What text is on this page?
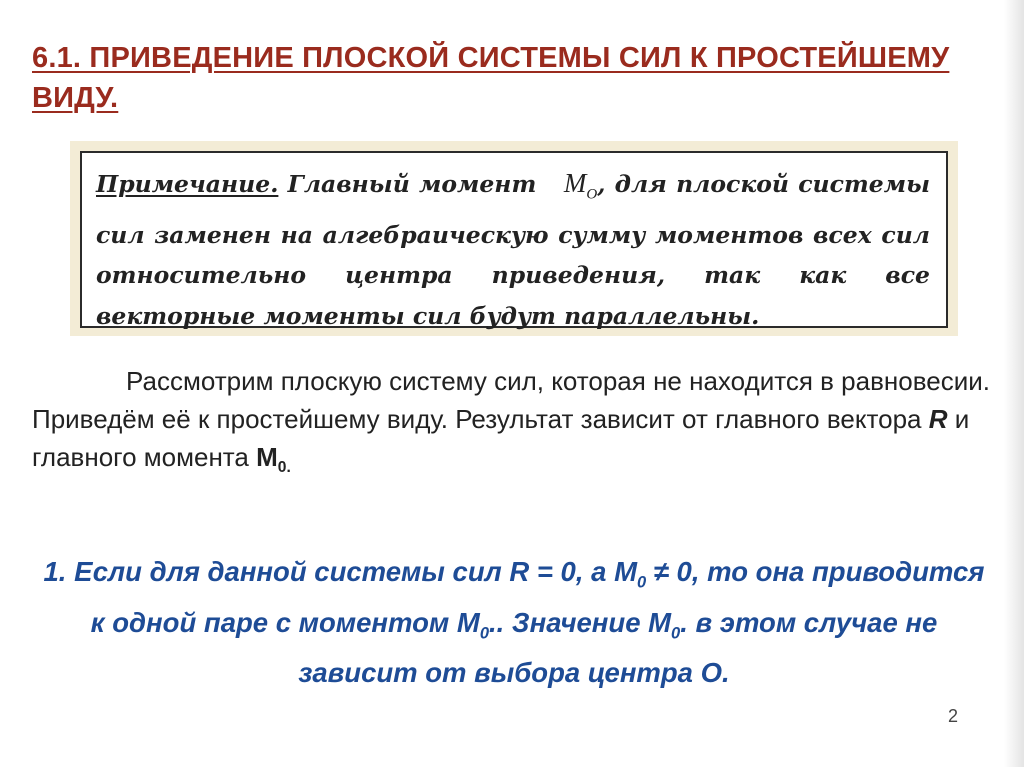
6.1. ПРИВЕДЕНИЕ ПЛОСКОЙ СИСТЕМЫ СИЛ К ПРОСТЕЙШЕМУ ВИДУ.
Примечание. Главный момент   $M_O$, для плоской системы сил заменен на алгебраическую сумму моментов всех сил относительно центра приведения, так как все векторные моменты сил будут параллельны.
Рассмотрим плоскую систему сил, которая не находится в равновесии. Приведём её к простейшему виду. Результат зависит от главного вектора R и главного момента $M_{0.}$
1. Если для данной системы сил R = 0, а $M_0 \ne 0$, то она приводится к одной паре с моментом $M_0$.. Значение $M_0$. в этом случае не зависит от выбора центра О.
2
